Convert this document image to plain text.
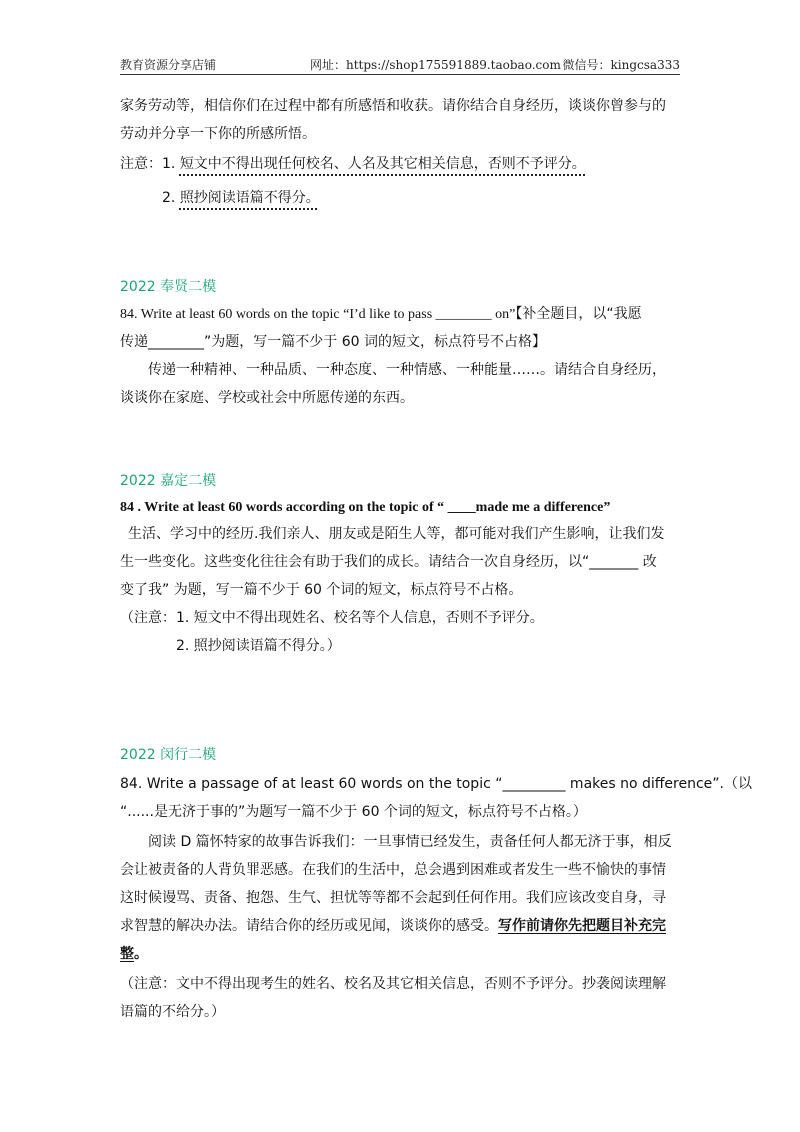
教育资源分享店铺	网址：https://shop175591889.taobao.com 微信号：kingcsa333
家务劳动等，相信你们在过程中都有所感悟和收获。请你结合自身经历，谈谈你曾参与的
劳动并分享一下你的所感所悟。
注意：1. 短文中不得出现任何校名、人名及其它相关信息，否则不予评分。
2. 照抄阅读语篇不得分。
2022 奉贤二模
84. Write at least 60 words on the topic “I’d like to pass ________ on”【补全题目，以“我愿
传递________”为题，写一篇不少于 60 词的短文，标点符号不占格】
传递一种精神、一种品质、一种态度、一种情感、一种能量……。请结合自身经历，
谈谈你在家庭、学校或社会中所愿传递的东西。
2022 嘉定二模
84 . Write at least 60 words according on the topic of “ ____made me a difference”
生活、学习中的经历.我们亲人、朋友或是陌生人等，都可能对我们产生影响，让我们发
生一些变化。这些变化往往会有助于我们的成长。请结合一次自身经历，以“_______ 改
变了我” 为题，写一篇不少于 60 个词的短文，标点符号不占格。
（注意：1. 短文中不得出现姓名、校名等个人信息，否则不予评分。
2. 照抄阅读语篇不得分。）
2022 闵行二模
84. Write a passage of at least 60 words on the topic “_________ makes no difference”.（以
“......是无济于事的”为题写一篇不少于 60 个词的短文，标点符号不占格。）
阅读 D 篇怀特家的故事告诉我们：一旦事情已经发生，责备任何人都无济于事，相反
会让被责备的人背负罪恶感。在我们的生活中，总会遇到困难或者发生一些不愉快的事情
这时候谩骂、责备、抱怨、生气、担忧等等都不会起到任何作用。我们应该改变自身，寻
求智慧的解决办法。请结合你的经历或见闻，谈谈你的感受。写作前请你先把题目补充完
整。
（注意：文中不得出现考生的姓名、校名及其它相关信息，否则不予评分。抄袭阅读理解
语篇的不给分。）
